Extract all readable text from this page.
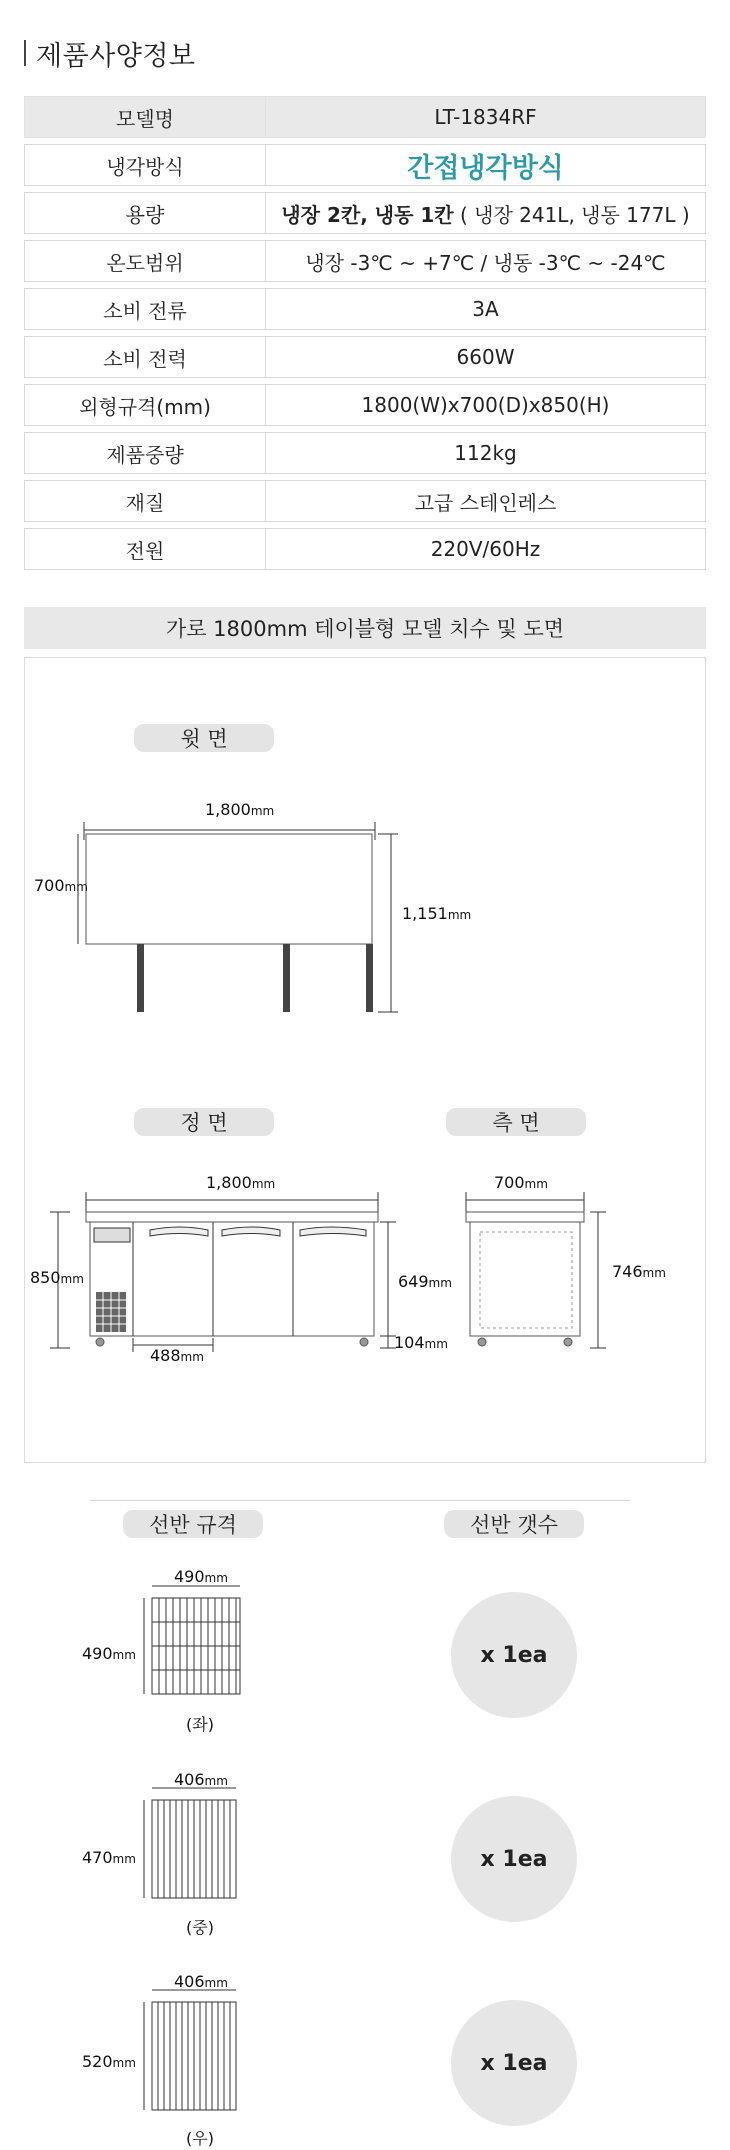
제품사양정보
모델명	LT-1834RF
냉각방식	간접냉각방식
용량	냉장 2칸, 냉동 1칸 ( 냉장 241L, 냉동 177L )
온도범위	냉장 -3℃ ~ +7℃ / 냉동 -3℃ ~ -24℃
소비 전류	3A
소비 전력	660W
외형규격(mm)	1800(W)x700(D)x850(H)
제품중량	112kg
재질	고급 스테인레스
전원	220V/60Hz
가로 1800mm 테이블형 모델 치수 및 도면
윗 면
1,800mm
700mm
1,151mm
정 면	측 면
1,800mm
850mm	649mm
104mm
488mm
700mm
746mm
선반 규격	선반 갯수
490mm
490mm
(좌)
x 1ea
406mm
470mm
(중)
x 1ea
406mm
520mm
(우)
x 1ea
